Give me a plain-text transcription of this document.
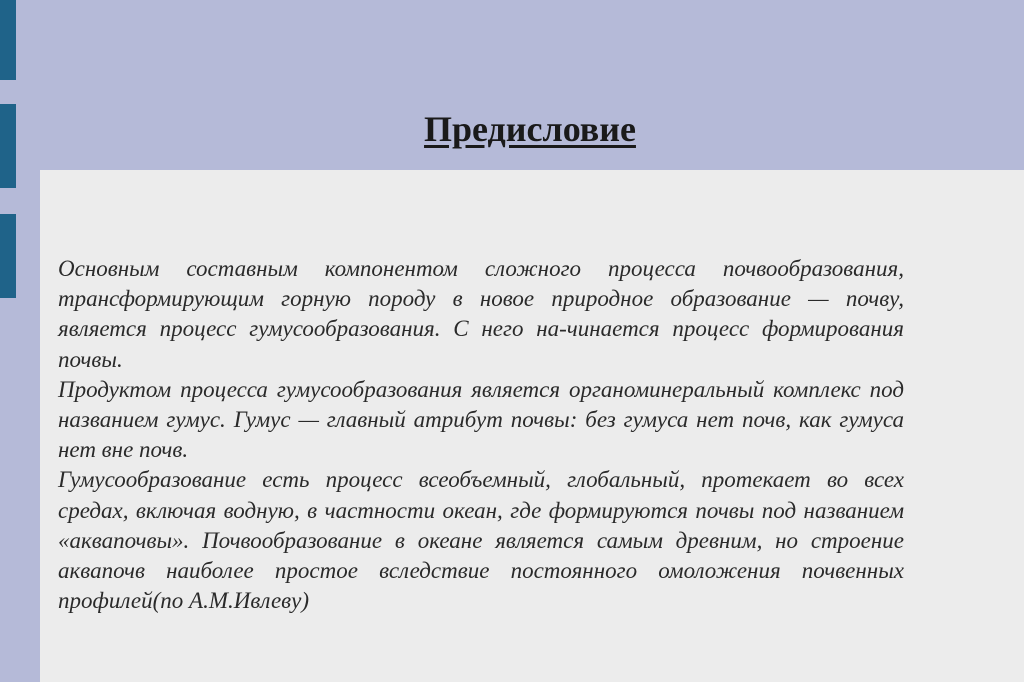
Предисловие

Основным составным компонентом сложного процесса почвообразования, трансформирующим горную породу в новое природное образование — почву, является процесс гумусообразования. С него на-чинается процесс формирования почвы.

Продуктом процесса гумусообразования является органоминеральный комплекс под названием гумус. Гумус — главный атрибут почвы: без гумуса нет почв, как гумуса нет вне почв.

Гумусообразование есть процесс всеобъемный, глобальный, протекает во всех средах, включая водную, в частности океан, где формируются почвы под названием «аквапочвы». Почвообразование в океане является самым древним, но строение аквапочв наиболее простое вследствие постоянного омоложения почвенных профилей(по А.М.Ивлеву)
